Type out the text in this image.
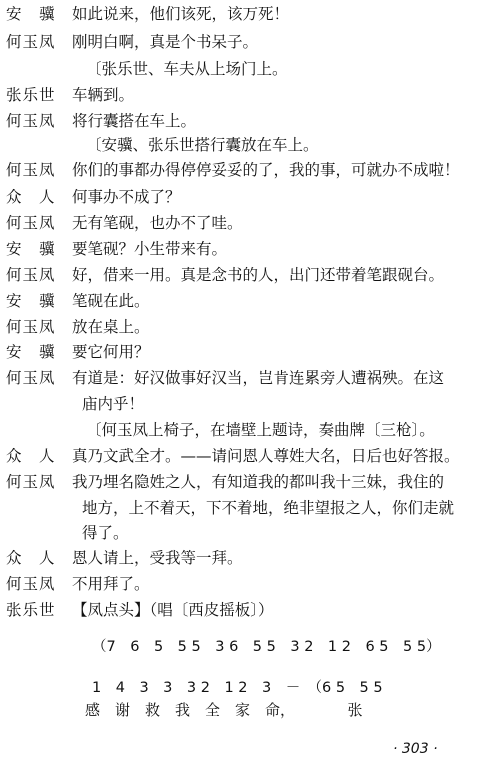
安　骥	如此说来，他们该死，该万死！
何玉凤	刚明白啊，真是个书呆子。
〔张乐世、车夫从上场门上。
张乐世	车辆到。
何玉凤	将行囊搭在车上。
〔安骥、张乐世搭行囊放在车上。
何玉凤	你们的事都办得停停妥妥的了，我的事，可就办不成啦！
众　人	何事办不成了？
何玉凤	无有笔砚，也办不了哇。
安　骥	要笔砚？小生带来有。
何玉凤	好，借来一用。真是念书的人，出门还带着笔跟砚台。
安　骥	笔砚在此。
何玉凤	放在桌上。
安　骥	要它何用？
何玉凤	有道是：好汉做事好汉当，岂肯连累旁人遭祸殃。在这
庙内乎！
〔何玉凤上椅子，在墙壁上题诗，奏曲牌〔三枪〕。
众　人	真乃文武全才。——请问恩人尊姓大名，日后也好答报。
何玉凤	我乃埋名隐姓之人，有知道我的都叫我十三妹，我住的
地方，上不着天，下不着地，绝非望报之人，你们走就
得了。
众　人	恩人请上，受我等一拜。
何玉凤	不用拜了。
张乐世	【凤点头】（唱〔西皮摇板〕）
（7　6　5　5 5　3 6　5 5　3 2　1 2　6 5　5 5）
1　4　3　3　3 2　1 2　3　－　（6 5　5 5
感　谢　救　我　全　家　命，　　　　张
· 303 ·
